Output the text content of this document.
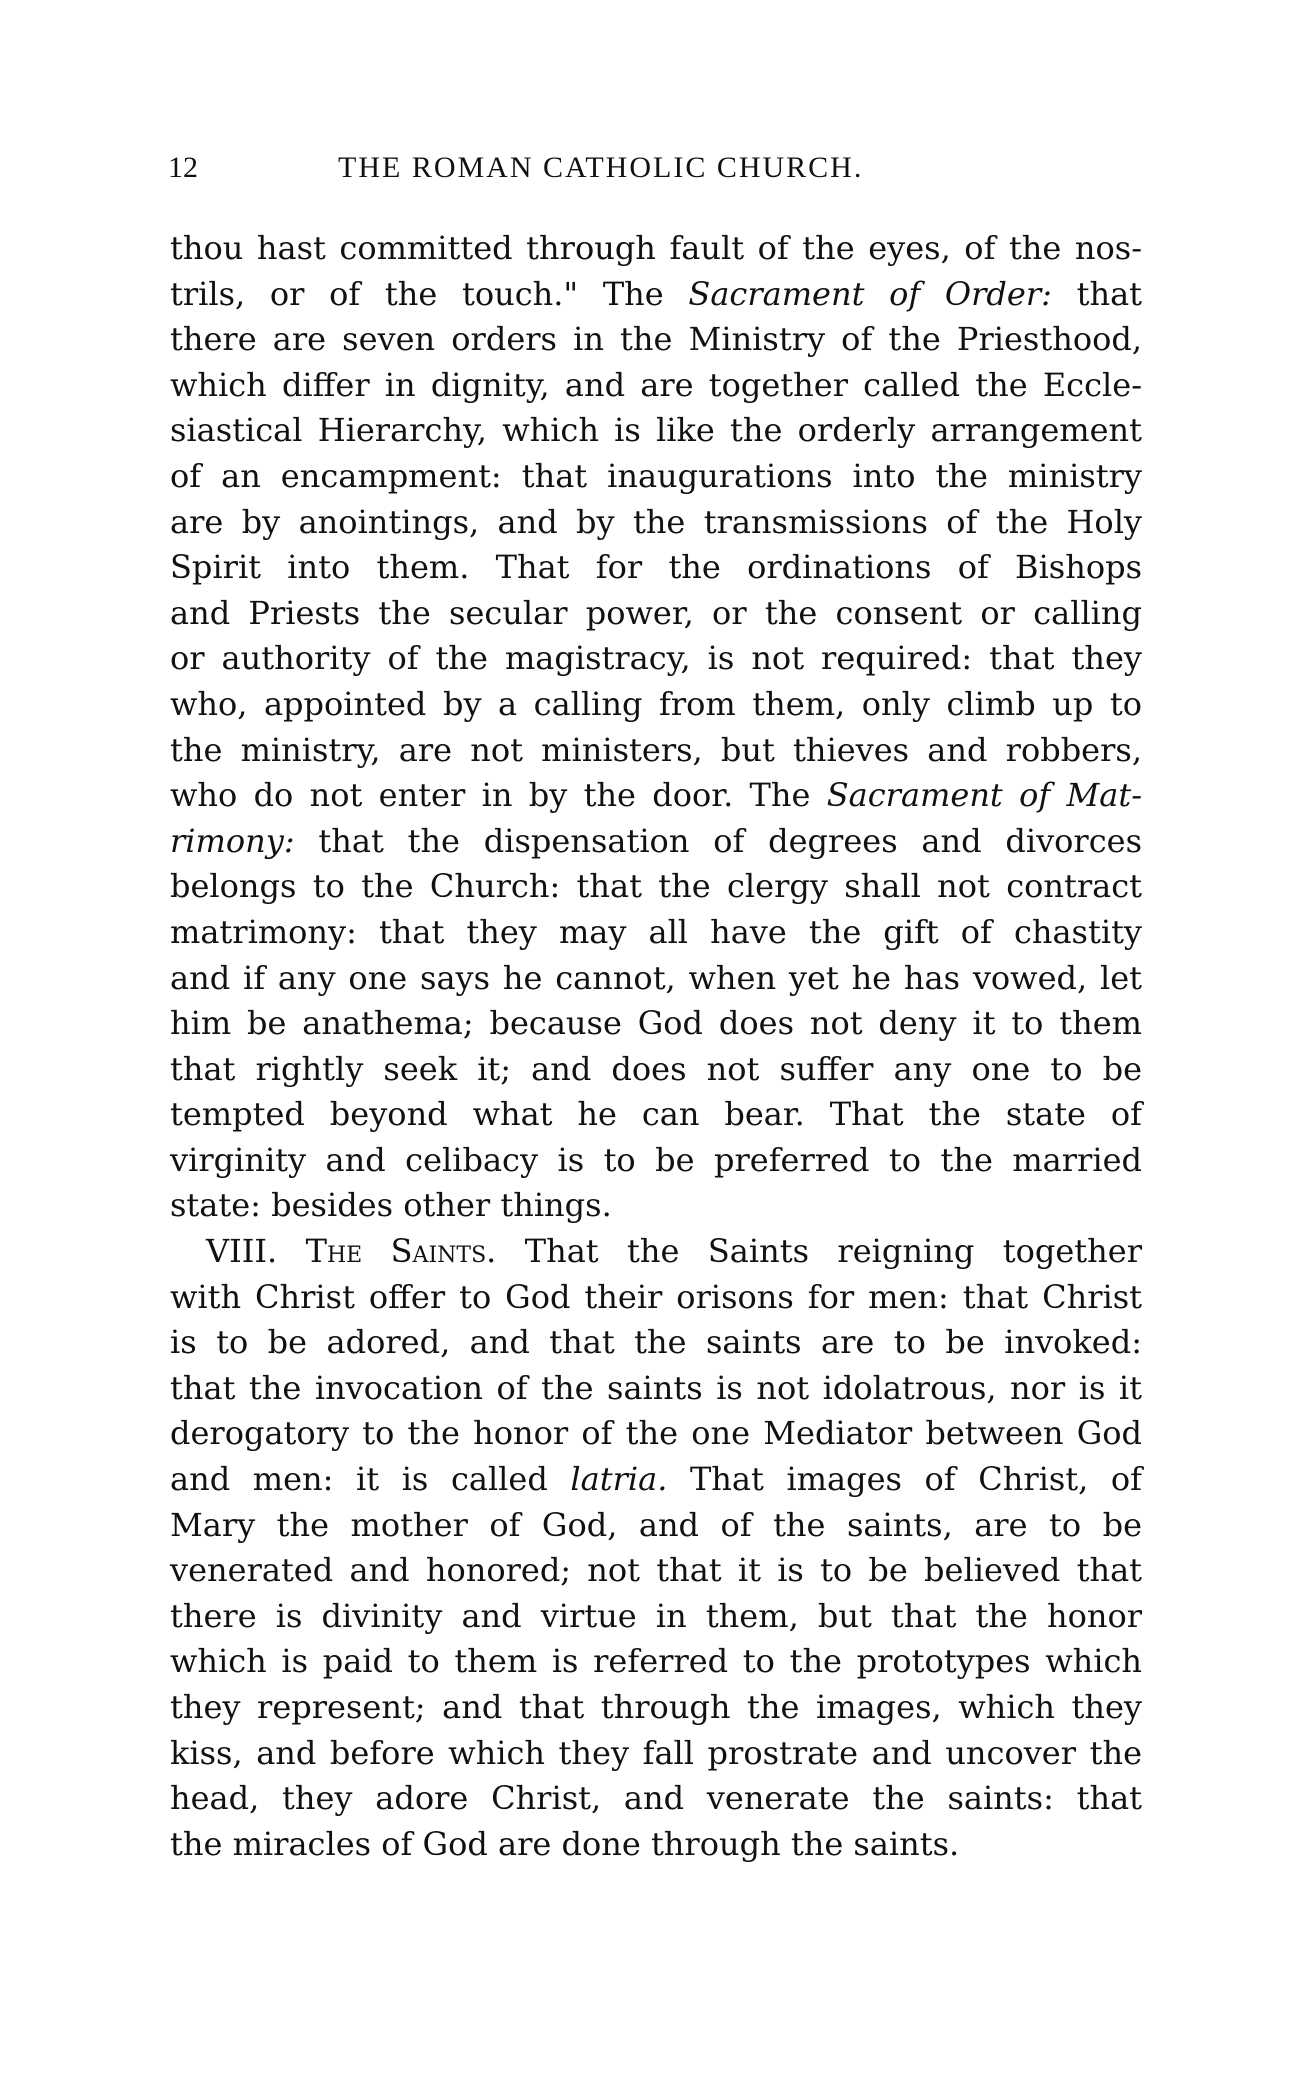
12	THE ROMAN CATHOLIC CHURCH.
thou hast committed through fault of the eyes, of the nos-
trils, or of the touch." The Sacrament of Order: that
there are seven orders in the Ministry of the Priesthood,
which differ in dignity, and are together called the Eccle-
siastical Hierarchy, which is like the orderly arrangement
of an encampment: that inaugurations into the ministry
are by anointings, and by the transmissions of the Holy
Spirit into them. That for the ordinations of Bishops
and Priests the secular power, or the consent or calling
or authority of the magistracy, is not required: that they
who, appointed by a calling from them, only climb up to
the ministry, are not ministers, but thieves and robbers,
who do not enter in by the door. The Sacrament of Mat-
rimony: that the dispensation of degrees and divorces
belongs to the Church: that the clergy shall not contract
matrimony: that they may all have the gift of chastity
and if any one says he cannot, when yet he has vowed, let
him be anathema; because God does not deny it to them
that rightly seek it; and does not suffer any one to be
tempted beyond what he can bear. That the state of
virginity and celibacy is to be preferred to the married
state: besides other things.
VIII. The Saints. That the Saints reigning together
with Christ offer to God their orisons for men: that Christ
is to be adored, and that the saints are to be invoked:
that the invocation of the saints is not idolatrous, nor is it
derogatory to the honor of the one Mediator between God
and men: it is called latria. That images of Christ, of
Mary the mother of God, and of the saints, are to be
venerated and honored; not that it is to be believed that
there is divinity and virtue in them, but that the honor
which is paid to them is referred to the prototypes which
they represent; and that through the images, which they
kiss, and before which they fall prostrate and uncover the
head, they adore Christ, and venerate the saints: that
the miracles of God are done through the saints.
